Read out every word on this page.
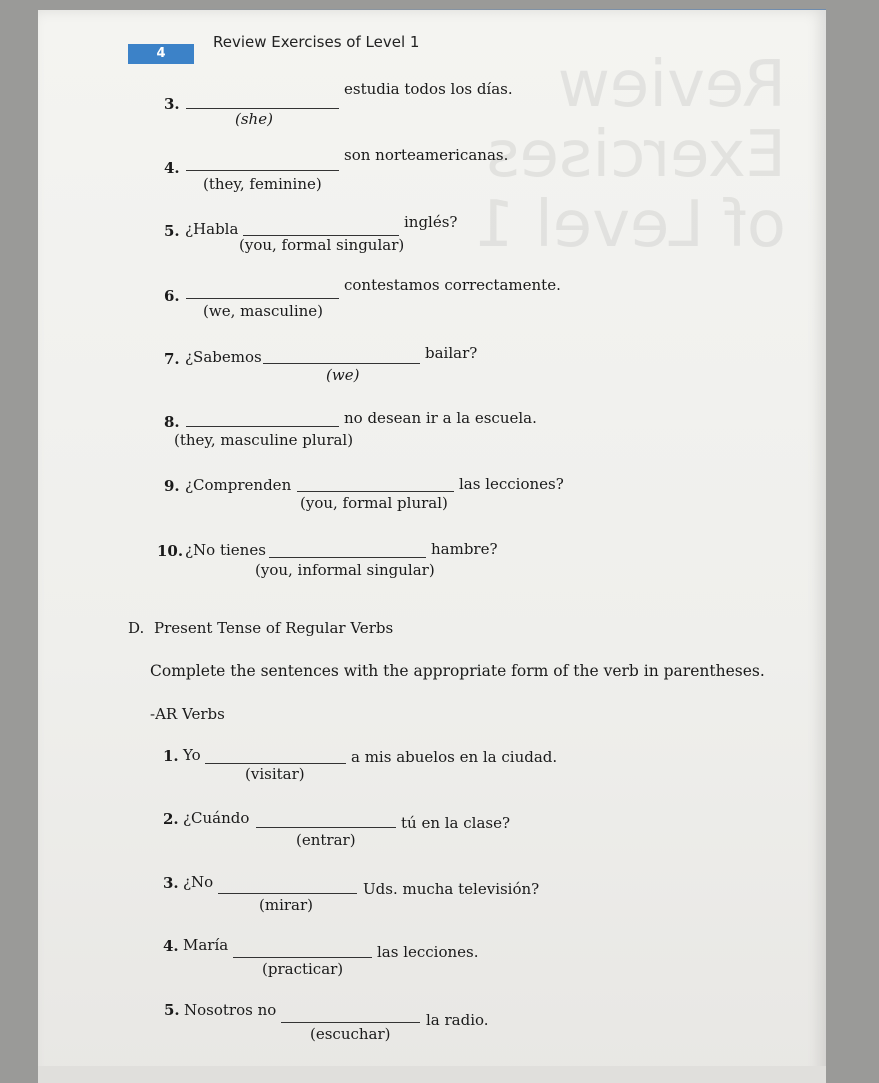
Review Exercises of Level 1
4
Review Exercises of Level 1
3.
estudia todos los días.
(she)
4.
son norteamericanas.
(they, feminine)
5. ¿Habla	inglés?
(you, formal singular)
6.
contestamos correctamente.
(we, masculine)
7. ¿Sabemos	bailar?
(we)
8.	no desean ir a la escuela.
(they, masculine plural)
9. ¿Comprenden	las lecciones?
(you, formal plural)
10. ¿No tienes	hambre?
(you, informal singular)
D. Present Tense of Regular Verbs
Complete the sentences with the appropriate form of the verb in parentheses.
-AR Verbs
1. Yo	a mis abuelos en la ciudad.
(visitar)
2. ¿Cuándo	tú en la clase?
(entrar)
3. ¿No	Uds. mucha televisión?
(mirar)
4. María	las lecciones.
(practicar)
5. Nosotros no
la radio.
(escuchar)
